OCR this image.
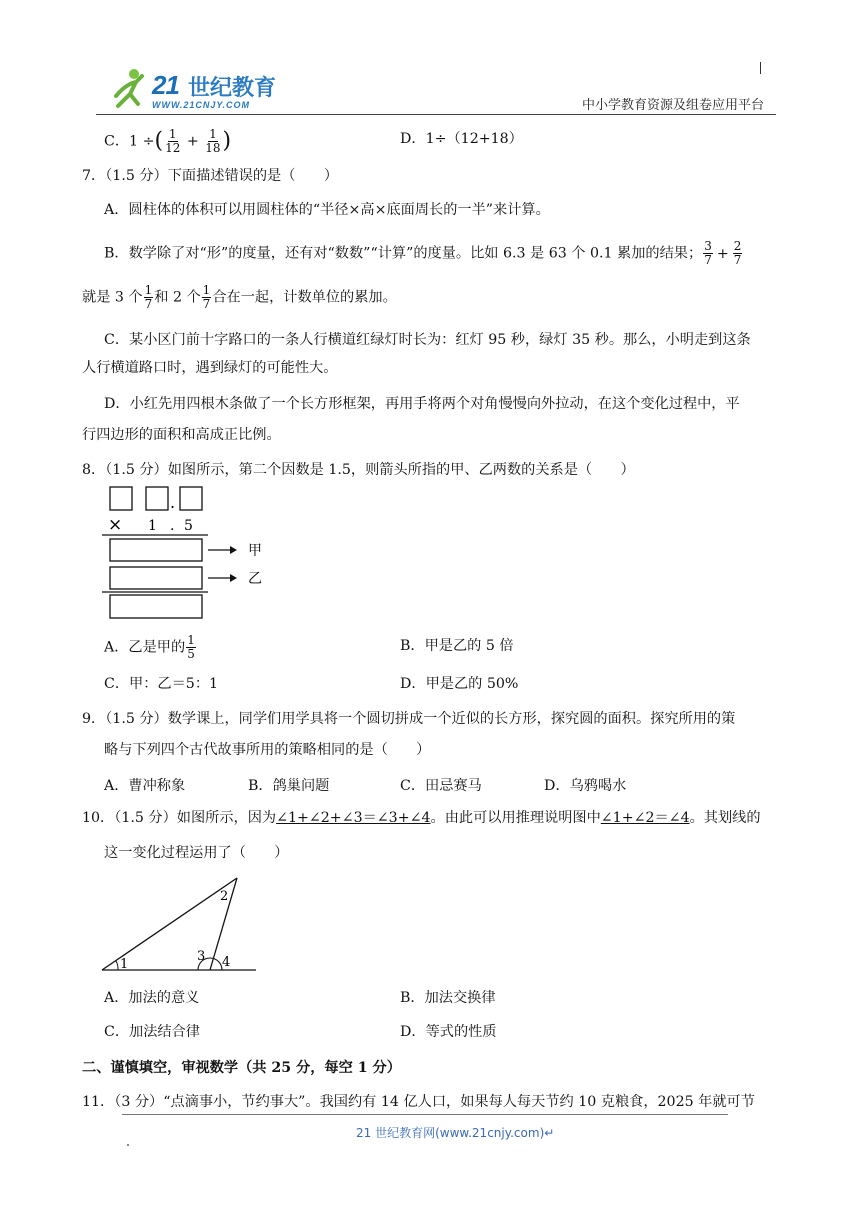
21 世纪教育
WWW.21CNJY.COM	中小学教育资源及组卷应用平台
C．1 ÷( $\frac{1}{12} + \frac{1}{18}$ )	D．1÷（12+18）
7．（1.5 分）下面描述错误的是（　　）
A．圆柱体的体积可以用圆柱体的“半径×高×底面周长的一半”来计算。
B．数学除了对“形”的度量，还有对“数数”“计算”的度量。比如 6.3 是 63 个 0.1 累加的结果； $\frac{3}{7} + \frac{2}{7}$
就是 3 个 $\frac{1}{7}$ 和 2 个 $\frac{1}{7}$ 合在一起，计数单位的累加。
C．某小区门前十字路口的一条人行横道红绿灯时长为：红灯 95 秒，绿灯 35 秒。那么，小明走到这条
人行横道路口时，遇到绿灯的可能性大。
D．小红先用四根木条做了一个长方形框架，再用手将两个对角慢慢向外拉动，在这个变化过程中，平
行四边形的面积和高成正比例。
8．（1.5 分）如图所示，第二个因数是 1.5，则箭头所指的甲、乙两数的关系是（　　）
.
× 1 . 5
甲
乙
A．乙是甲的 $\frac{1}{5}$	B．甲是乙的 5 倍
C．甲：乙＝5：1	D．甲是乙的 50%
9．（1.5 分）数学课上，同学们用学具将一个圆切拼成一个近似的长方形，探究圆的面积。探究所用的策
略与下列四个古代故事所用的策略相同的是（　　）
A．曹冲称象	B．鸽巢问题	C．田忌赛马	D．乌鸦喝水
10．（1.5 分）如图所示，因为∠1+∠2+∠3＝∠3+∠4。由此可以用推理说明图中∠1+∠2＝∠4。其划线的
这一变化过程运用了（　　）
1
2
3 4
A．加法的意义	B．加法交换律
C．加法结合律	D．等式的性质
二、谨慎填空，审视数学（共 25 分，每空 1 分）
11．（3 分）“点滴事小，节约事大”。我国约有 14 亿人口，如果每人每天节约 10 克粮食，2025 年就可节
21 世纪教育网(www.21cnjy.com)↵
